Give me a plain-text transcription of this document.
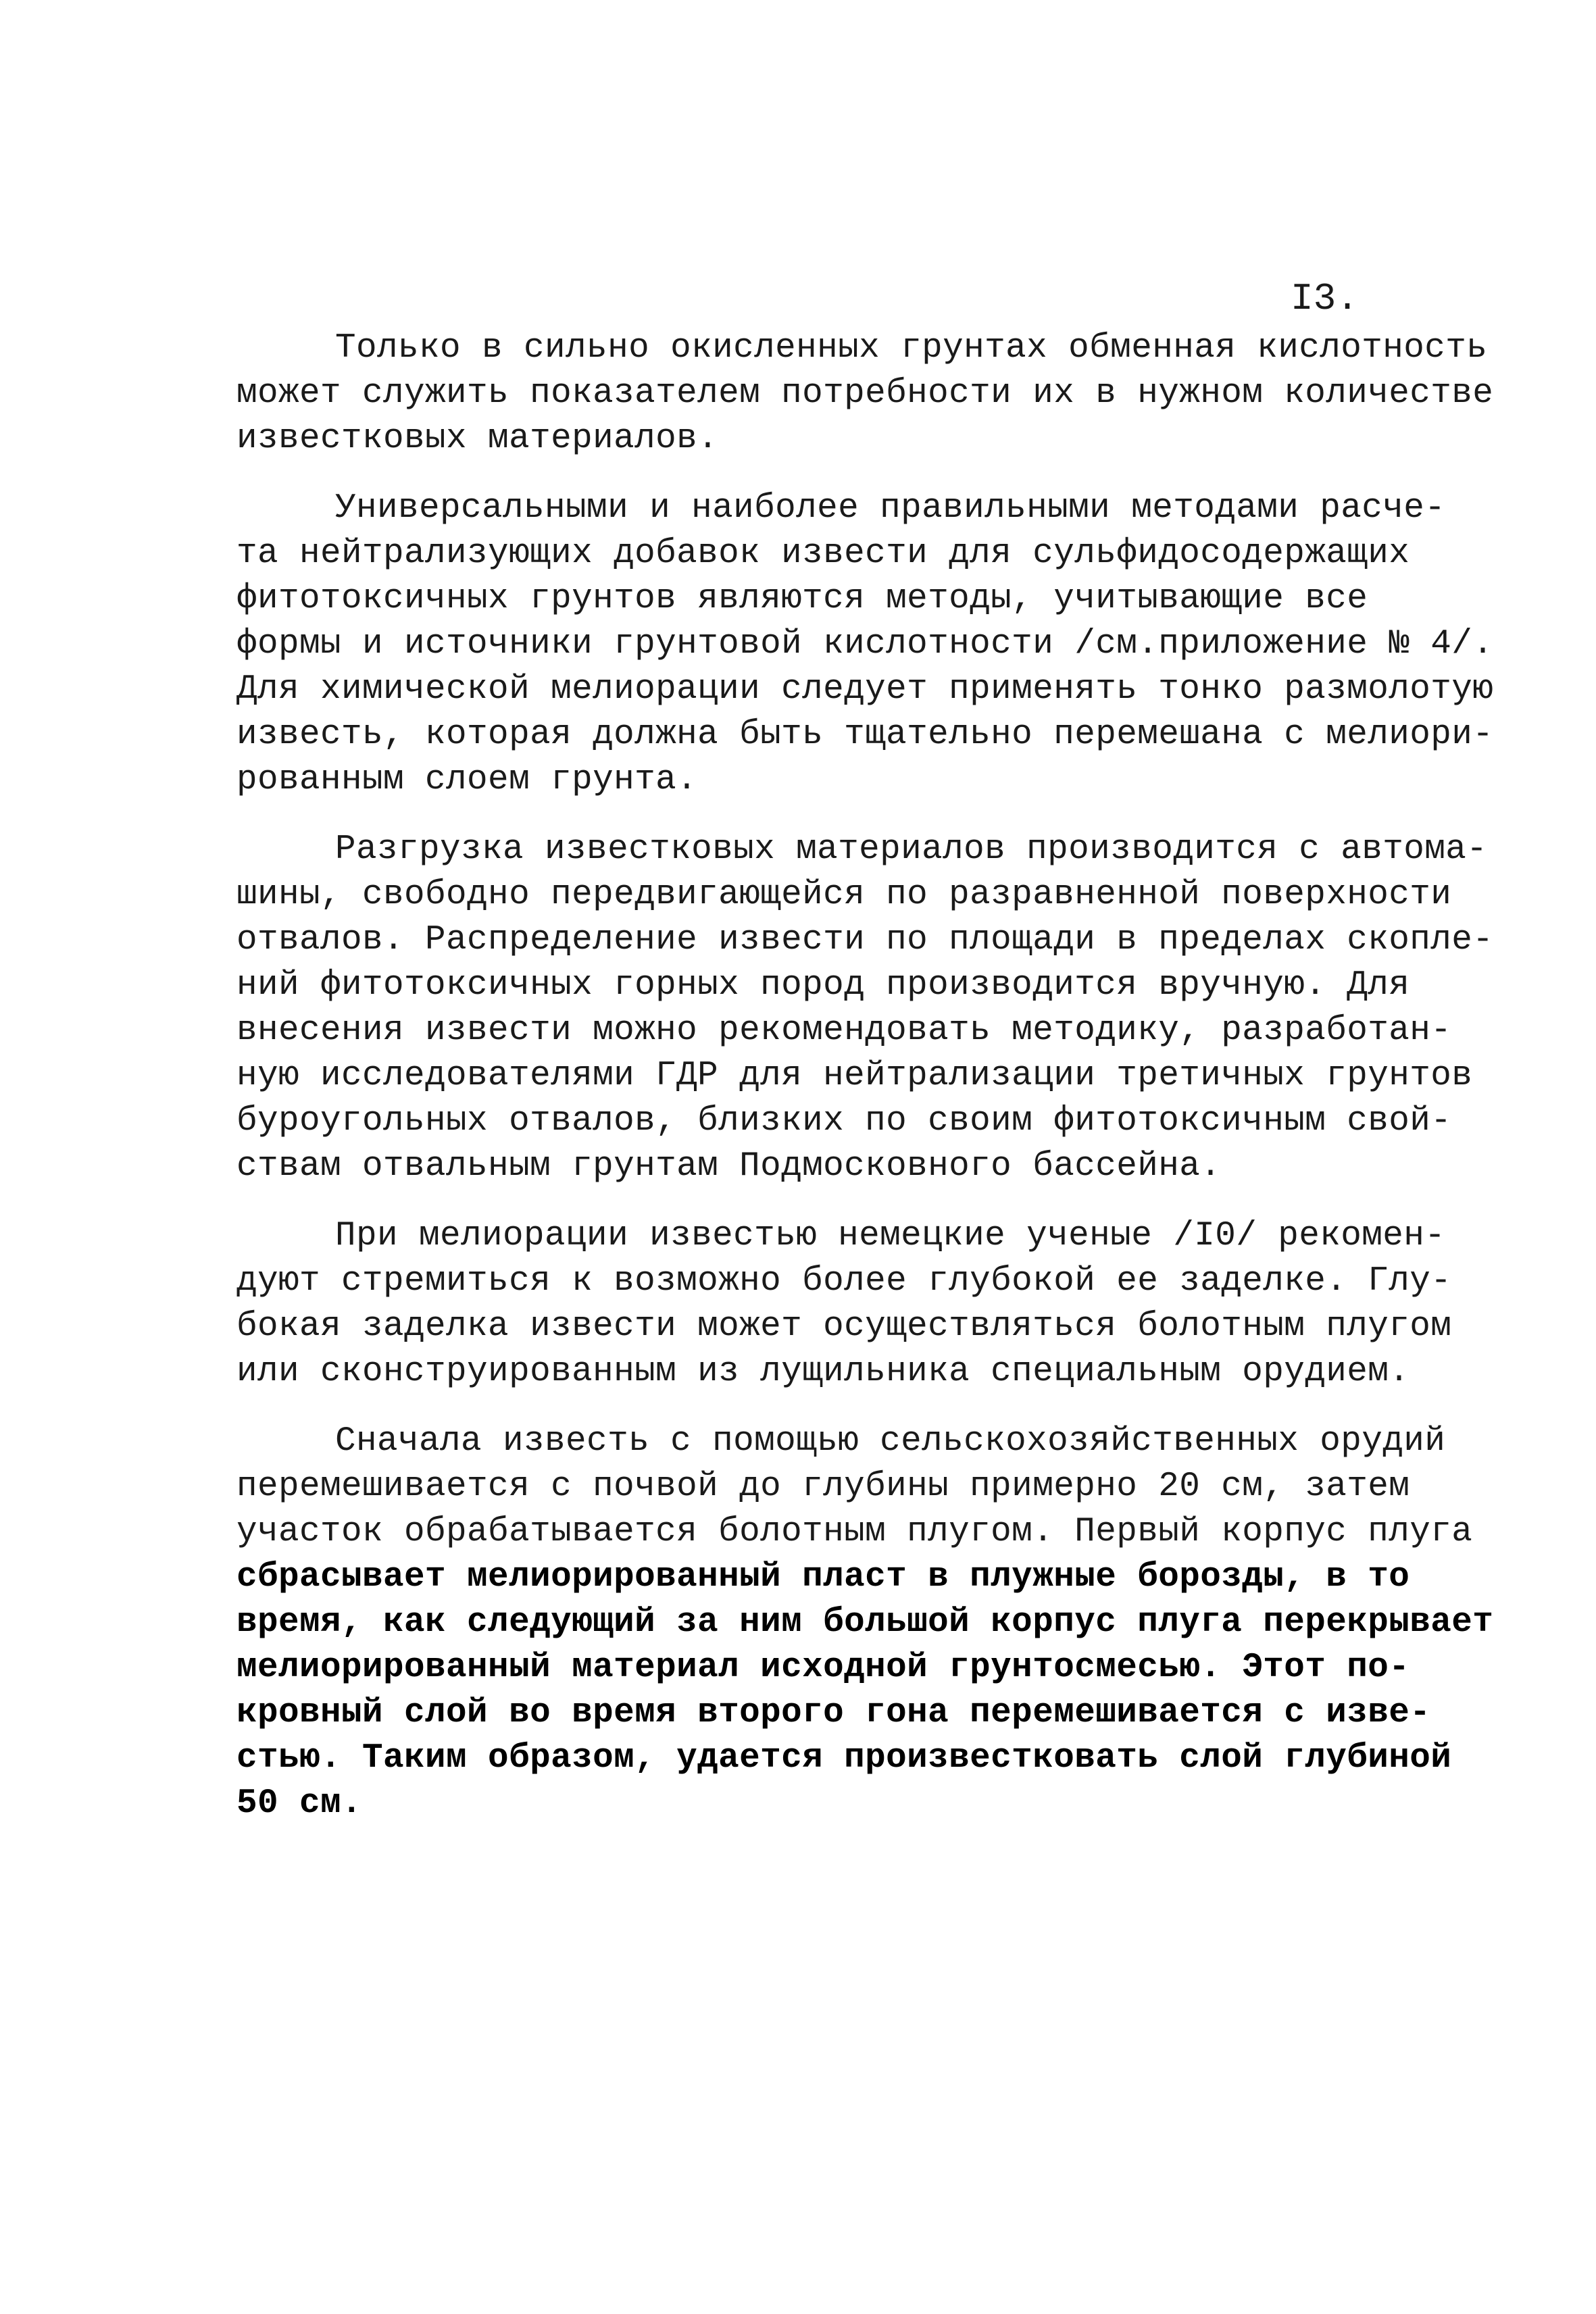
I3.
Только в сильно окисленных грунтах обменная кислотность
может служить показателем потребности их в нужном количестве
известковых материалов.
Универсальными и наиболее правильными методами расче-
та нейтрализующих добавок извести для сульфидосодержащих
фитотоксичных грунтов являются методы, учитывающие все
формы и источники грунтовой кислотности /см.приложение № 4/.
Для химической мелиорации следует применять тонко размолотую
известь, которая должна быть тщательно перемешана с мелиори-
рованным слоем грунта.
Разгрузка известковых материалов производится с автома-
шины, свободно передвигающейся по разравненной поверхности
отвалов. Распределение извести по площади в пределах скопле-
ний фитотоксичных горных пород производится вручную. Для
внесения извести можно рекомендовать методику, разработан-
ную исследователями ГДР для нейтрализации третичных грунтов
буроугольных отвалов, близких по своим фитотоксичным свой-
ствам отвальным грунтам Подмосковного бассейна.
При мелиорации известью немецкие ученые /I0/ рекомен-
дуют стремиться к возможно более глубокой ее заделке. Глу-
бокая заделка извести может осуществляться болотным плугом
или сконструированным из лущильника специальным орудием.
Сначала известь с помощью сельскохозяйственных орудий
перемешивается с почвой до глубины примерно 20 см, затем
участок обрабатывается болотным плугом. Первый корпус плуга
сбрасывает мелиорированный пласт в плужные борозды, в то
время, как следующий за ним большой корпус плуга перекрывает
мелиорированный материал исходной грунтосмесью. Этот по-
кровный слой во время второго гона перемешивается с изве-
стью. Таким образом, удается произвестковать слой глубиной
50 см.
